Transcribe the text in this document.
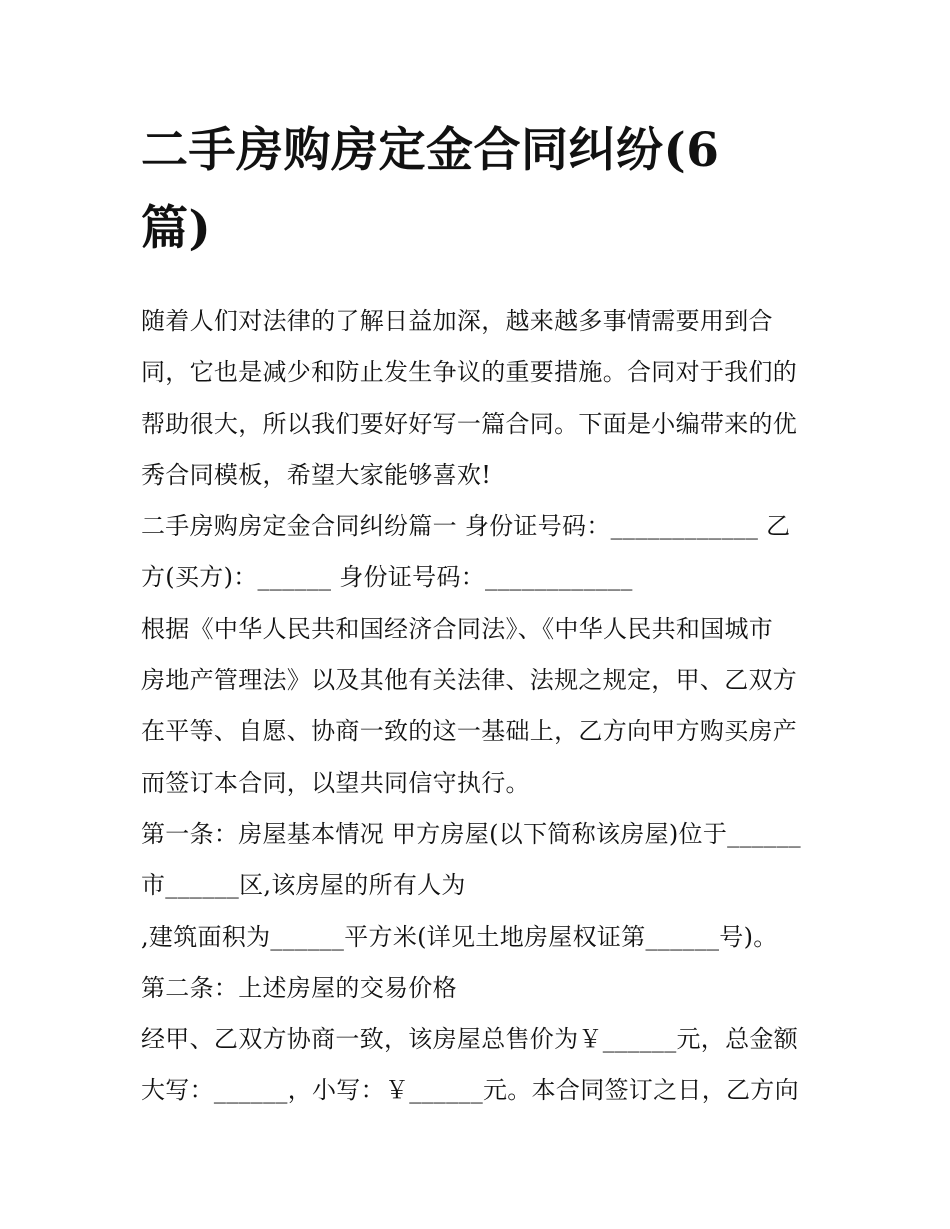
二手房购房定金合同纠纷(6
篇)
随着人们对法律的了解日益加深，越来越多事情需要用到合
同，它也是减少和防止发生争议的重要措施。合同对于我们的
帮助很大，所以我们要好好写一篇合同。下面是小编带来的优
秀合同模板，希望大家能够喜欢!
二手房购房定金合同纠纷篇一 身份证号码：____________ 乙
方(买方)：______ 身份证号码：____________
根据《中华人民共和国经济合同法》、《中华人民共和国城市
房地产管理法》以及其他有关法律、法规之规定，甲、乙双方
在平等、自愿、协商一致的这一基础上，乙方向甲方购买房产
而签订本合同，以望共同信守执行。
第一条：房屋基本情况 甲方房屋(以下简称该房屋)位于______
市______区,该房屋的所有人为
,建筑面积为______平方米(详见土地房屋权证第______号)。
第二条：上述房屋的交易价格
经甲、乙双方协商一致，该房屋总售价为￥______元，总金额
大写：______，小写：￥______元。本合同签订之日，乙方向
